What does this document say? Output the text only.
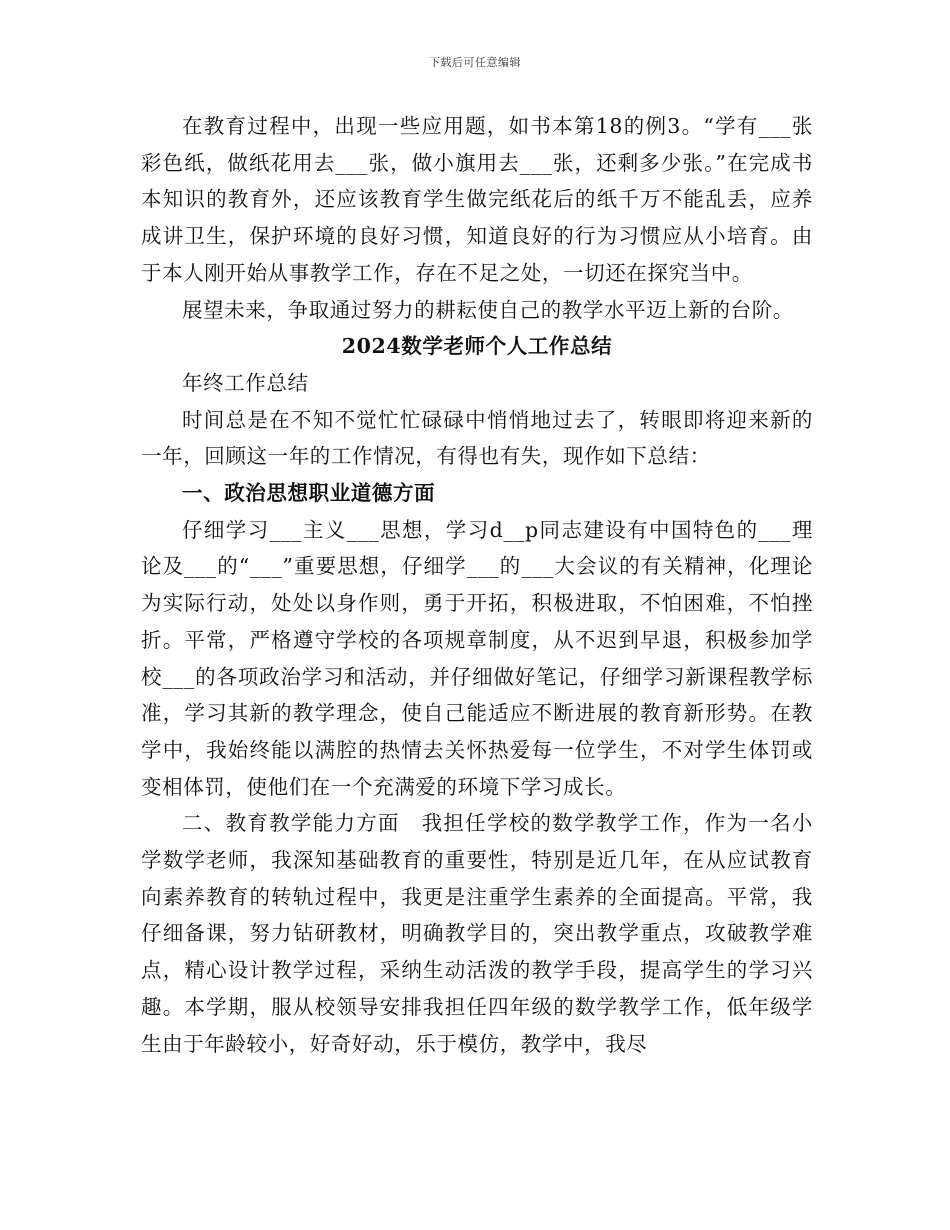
下载后可任意编辑

在教育过程中，出现一些应用题，如书本第18的例3。“学有___张彩色纸，做纸花用去___张，做小旗用去___张，还剩多少张。”在完成书本知识的教育外，还应该教育学生做完纸花后的纸千万不能乱丢，应养成讲卫生，保护环境的良好习惯，知道良好的行为习惯应从小培育。由于本人刚开始从事教学工作，存在不足之处，一切还在探究当中。

展望未来，争取通过努力的耕耘使自己的教学水平迈上新的台阶。

2024数学老师个人工作总结

年终工作总结

时间总是在不知不觉忙忙碌碌中悄悄地过去了，转眼即将迎来新的一年，回顾这一年的工作情况，有得也有失，现作如下总结：

一、政治思想职业道德方面

仔细学习___主义___思想，学习d__p同志建设有中国特色的___理论及___的“___”重要思想，仔细学___的___大会议的有关精神，化理论为实际行动，处处以身作则，勇于开拓，积极进取，不怕困难，不怕挫折。平常，严格遵守学校的各项规章制度，从不迟到早退，积极参加学校___的各项政治学习和活动，并仔细做好笔记，仔细学习新课程教学标准，学习其新的教学理念，使自己能适应不断进展的教育新形势。在教学中，我始终能以满腔的热情去关怀热爱每一位学生，不对学生体罚或变相体罚，使他们在一个充满爱的环境下学习成长。

二、教育教学能力方面　我担任学校的数学教学工作，作为一名小学数学老师，我深知基础教育的重要性，特别是近几年，在从应试教育向素养教育的转轨过程中，我更是注重学生素养的全面提高。平常，我仔细备课，努力钻研教材，明确教学目的，突出教学重点，攻破教学难点，精心设计教学过程，采纳生动活泼的教学手段，提高学生的学习兴趣。本学期，服从校领导安排我担任四年级的数学教学工作，低年级学生由于年龄较小，好奇好动，乐于模仿，教学中，我尽
